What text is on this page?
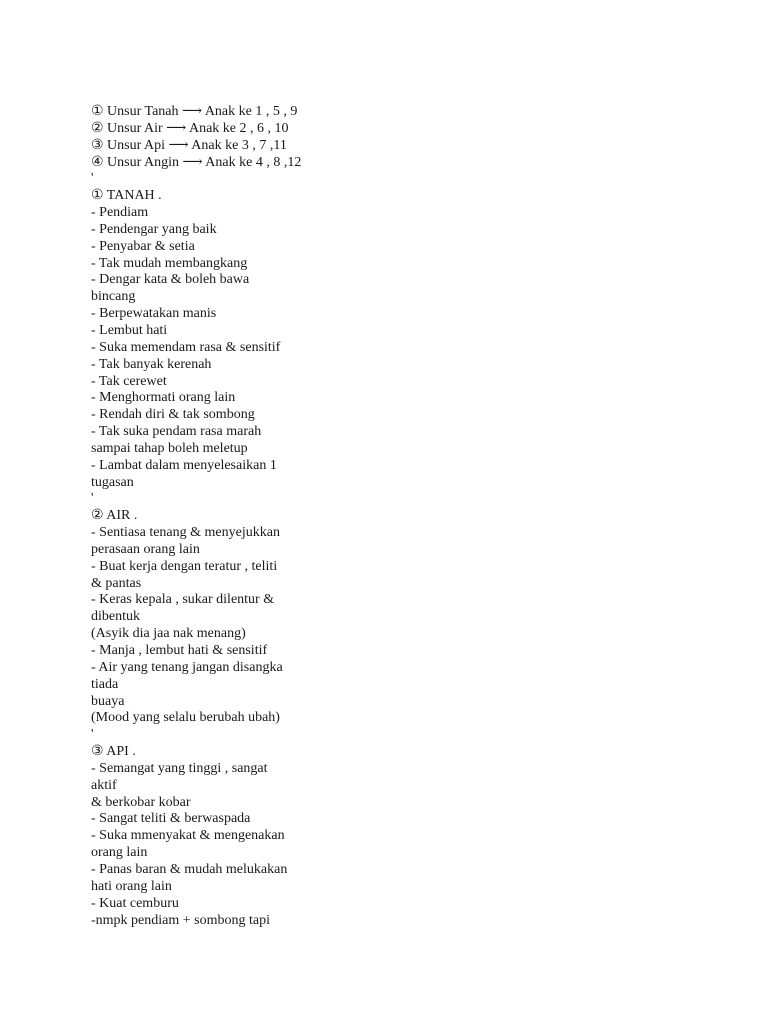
① Unsur Tanah ⟶ Anak ke 1 , 5 , 9
② Unsur Air ⟶ Anak ke 2 , 6 , 10
③ Unsur Api ⟶ Anak ke 3 , 7 ,11
④ Unsur Angin ⟶ Anak ke 4 , 8 ,12
'
① TANAH .
- Pendiam
- Pendengar yang baik
- Penyabar & setia
- Tak mudah membangkang
- Dengar kata & boleh bawa
bincang
- Berpewatakan manis
- Lembut hati
- Suka memendam rasa & sensitif
- Tak banyak kerenah
- Tak cerewet
- Menghormati orang lain
- Rendah diri & tak sombong
- Tak suka pendam rasa marah
sampai tahap boleh meletup
- Lambat dalam menyelesaikan 1
tugasan
'
② AIR .
- Sentiasa tenang & menyejukkan
perasaan orang lain
- Buat kerja dengan teratur , teliti
& pantas
- Keras kepala , sukar dilentur &
dibentuk
(Asyik dia jaa nak menang)
- Manja , lembut hati & sensitif
- Air yang tenang jangan disangka
tiada
buaya
(Mood yang selalu berubah ubah)
'
③ API .
- Semangat yang tinggi , sangat
aktif
& berkobar kobar
- Sangat teliti & berwaspada
- Suka mmenyakat & mengenakan
orang lain
- Panas baran & mudah melukakan
hati orang lain
- Kuat cemburu
-nmpk pendiam + sombong tapi
